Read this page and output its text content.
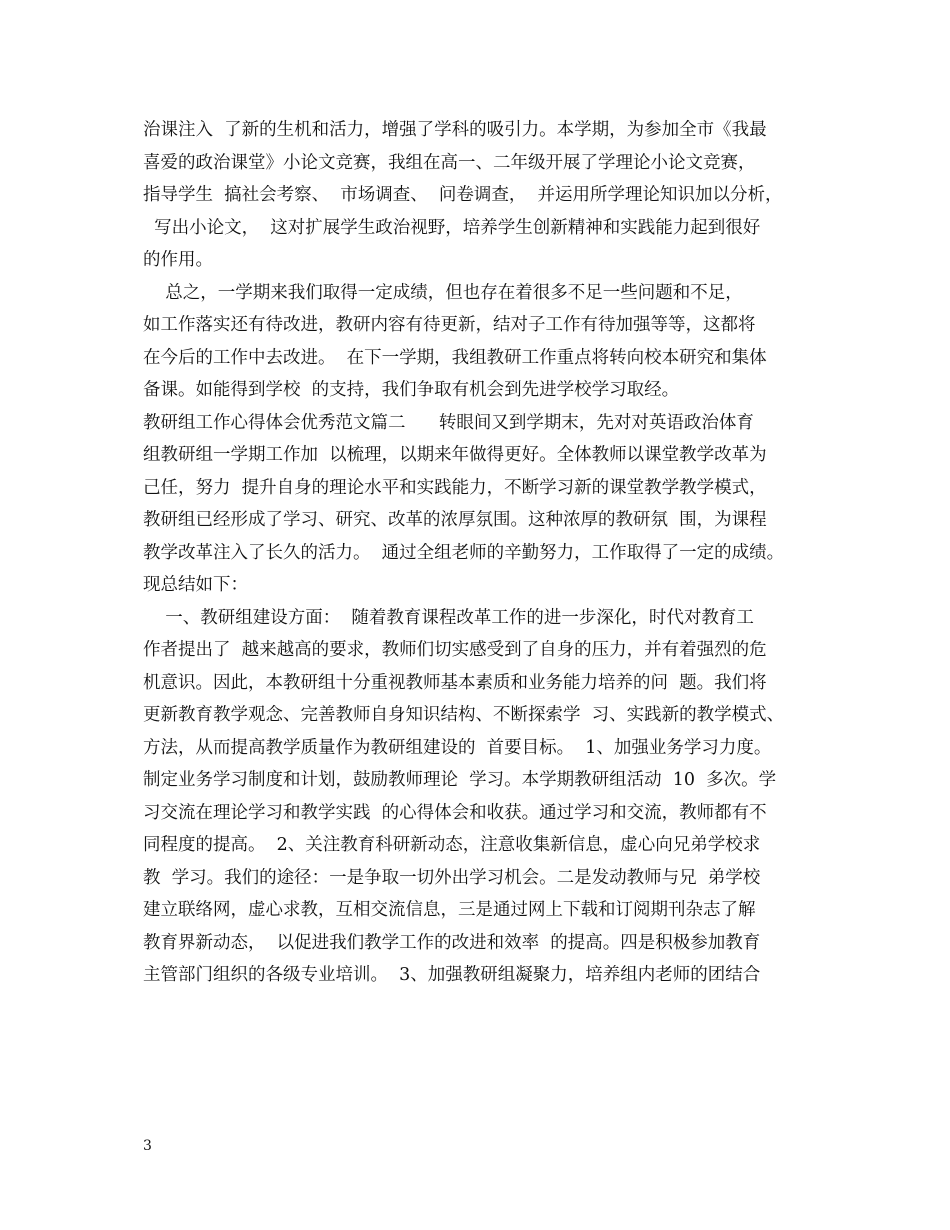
治课注入  了新的生机和活力，增强了学科的吸引力。本学期，为参加全市《我最
喜爱的政治课堂》小论文竞赛，我组在高一、二年级开展了学理论小论文竞赛，
指导学生  搞社会考察、  市场调查、  问卷调查，  并运用所学理论知识加以分析，
写出小论文，  这对扩展学生政治视野，培养学生创新精神和实践能力起到很好
的作用。
总之，一学期来我们取得一定成绩，但也存在着很多不足一些问题和不足，
如工作落实还有待改进，教研内容有待更新，结对子工作有待加强等等，这都将
在今后的工作中去改进。  在下一学期，我组教研工作重点将转向校本研究和集体
备课。如能得到学校  的支持，我们争取有机会到先进学校学习取经。
教研组工作心得体会优秀范文篇二      转眼间又到学期末，先对对英语政治体育
组教研组一学期工作加  以梳理，以期来年做得更好。全体教师以课堂教学改革为
己任，努力  提升自身的理论水平和实践能力，不断学习新的课堂教学教学模式，
教研组已经形成了学习、研究、改革的浓厚氛围。这种浓厚的教研氛  围，为课程
教学改革注入了长久的活力。  通过全组老师的辛勤努力，工作取得了一定的成绩。
现总结如下：
一、教研组建设方面：  随着教育课程改革工作的进一步深化，时代对教育工
作者提出了  越来越高的要求，教师们切实感受到了自身的压力，并有着强烈的危
机意识。因此，本教研组十分重视教师基本素质和业务能力培养的问  题。我们将
更新教育教学观念、完善教师自身知识结构、不断探索学  习、实践新的教学模式、
方法，从而提高教学质量作为教研组建设的  首要目标。  1、加强业务学习力度。
制定业务学习制度和计划，鼓励教师理论  学习。本学期教研组活动  10  多次。学
习交流在理论学习和教学实践  的心得体会和收获。通过学习和交流，教师都有不
同程度的提高。  2、关注教育科研新动态，注意收集新信息，虚心向兄弟学校求
教  学习。我们的途径：一是争取一切外出学习机会。二是发动教师与兄  弟学校
建立联络网，虚心求教，互相交流信息，三是通过网上下载和订阅期刊杂志了解
教育界新动态，  以促进我们教学工作的改进和效率  的提高。四是积极参加教育
主管部门组织的各级专业培训。  3、加强教研组凝聚力，培养组内老师的团结合
3
